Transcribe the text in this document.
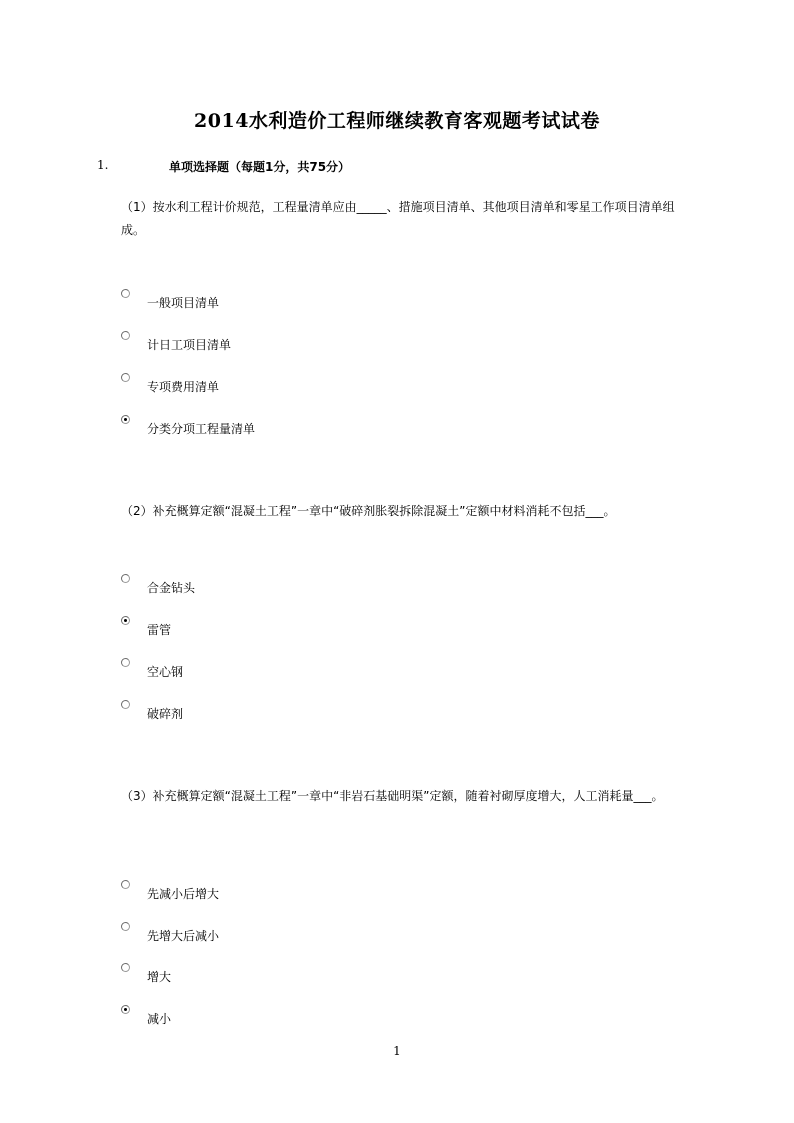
2014水利造价工程师继续教育客观题考试试卷
1.	单项选择题（每题1分，共75分）
（1）按水利工程计价规范，工程量清单应由_____、措施项目清单、其他项目清单和零星工作项目清单组成。
一般项目清单
计日工项目清单
专项费用清单
分类分项工程量清单
（2）补充概算定额“混凝土工程”一章中“破碎剂胀裂拆除混凝土”定额中材料消耗不包括___。
合金钻头
雷管
空心钢
破碎剂
（3）补充概算定额“混凝土工程”一章中“非岩石基础明渠”定额，随着衬砌厚度增大，人工消耗量___。
先减小后增大
先增大后减小
增大
减小
1
